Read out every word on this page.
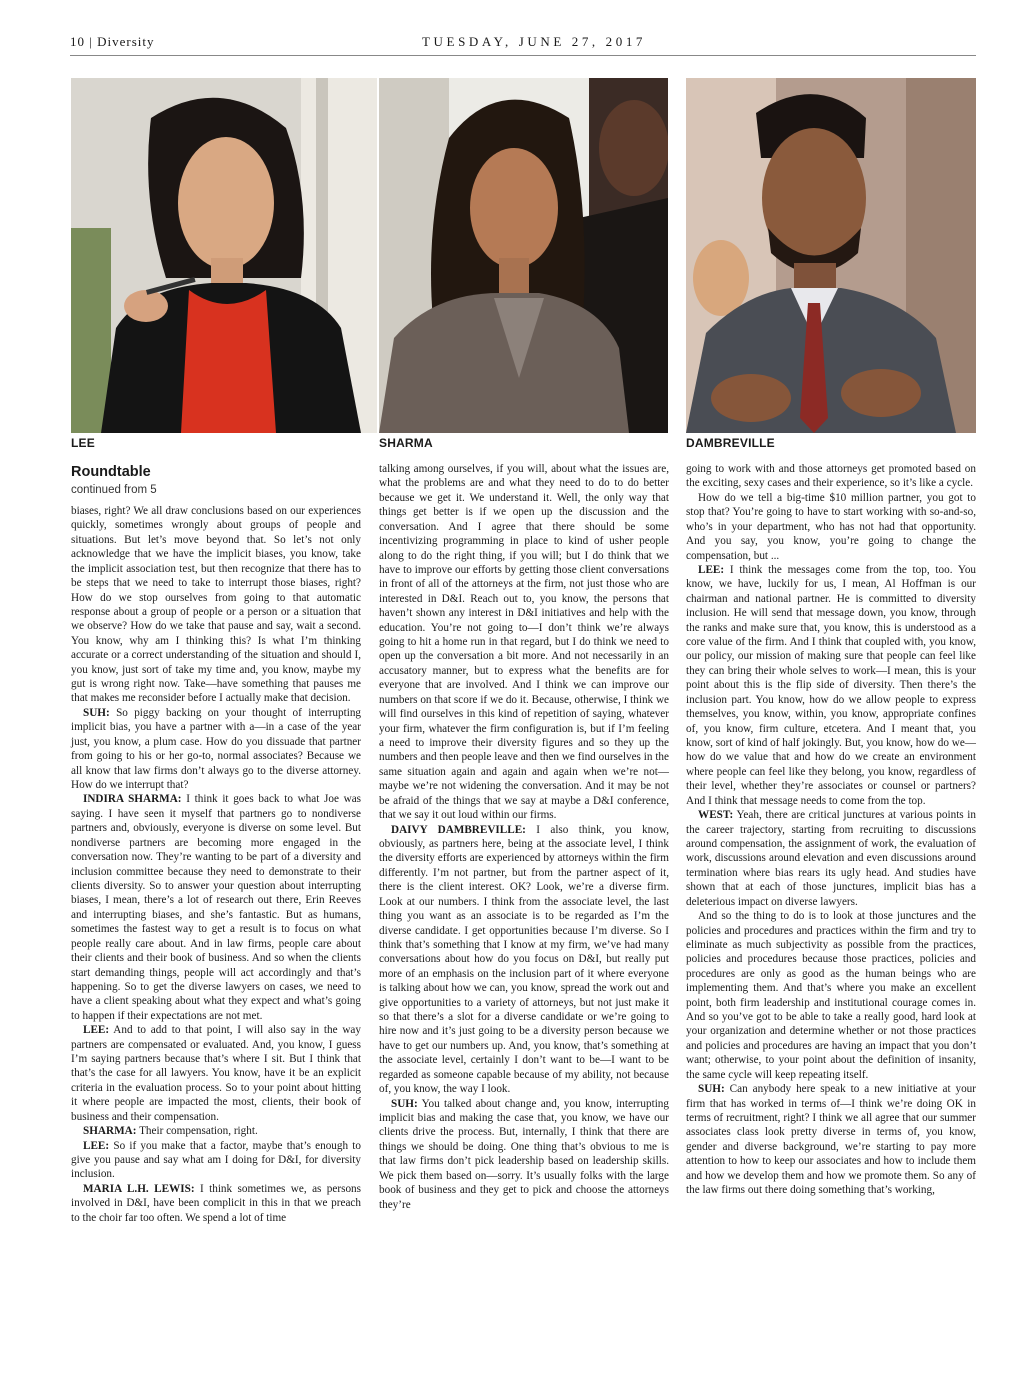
10 | Diversity	TUESDAY, JUNE 27, 2017
LEE	SHARMA	DAMBREVILLE
Roundtable
continued from 5

biases, right? We all draw conclusions based on our experiences quickly, sometimes wrongly about groups of people and situations. But let’s move beyond that. So let’s not only acknowledge that we have the implicit biases, you know, take the implicit association test, but then recognize that there has to be steps that we need to take to interrupt those biases, right? How do we stop ourselves from going to that automatic response about a group of people or a person or a situation that we observe? How do we take that pause and say, wait a second. You know, why am I thinking this? Is what I’m thinking accurate or a correct understanding of the situation and should I, you know, just sort of take my time and, you know, maybe my gut is wrong right now. Take—have something that pauses me that makes me reconsider before I actually make that decision.

SUH: So piggy backing on your thought of interrupting implicit bias, you have a partner with a—in a case of the year just, you know, a plum case. How do you dissuade that partner from going to his or her go-to, normal associates? Because we all know that law firms don’t always go to the diverse attorney. How do we interrupt that?

INDIRA SHARMA: I think it goes back to what Joe was saying. I have seen it myself that partners go to nondiverse partners and, obviously, everyone is diverse on some level. But nondiverse partners are becoming more engaged in the conversation now. They’re wanting to be part of a diversity and inclusion committee because they need to demonstrate to their clients diversity. So to answer your question about interrupting biases, I mean, there’s a lot of research out there, Erin Reeves and interrupting biases, and she’s fantastic. But as humans, sometimes the fastest way to get a result is to focus on what people really care about. And in law firms, people care about their clients and their book of business. And so when the clients start demanding things, people will act accordingly and that’s happening. So to get the diverse lawyers on cases, we need to have a client speaking about what they expect and what’s going to happen if their expectations are not met.

LEE: And to add to that point, I will also say in the way partners are compensated or evaluated. And, you know, I guess I’m saying partners because that’s where I sit. But I think that that’s the case for all lawyers. You know, have it be an explicit criteria in the evaluation process. So to your point about hitting it where people are impacted the most, clients, their book of business and their compensation.

SHARMA: Their compensation, right.

LEE: So if you make that a factor, maybe that’s enough to give you pause and say what am I doing for D&I, for diversity inclusion.

MARIA L.H. LEWIS: I think sometimes we, as persons involved in D&I, have been complicit in this in that we preach to the choir far too often. We spend a lot of time

talking among ourselves, if you will, about what the issues are, what the problems are and what they need to do to do better because we get it. We understand it. Well, the only way that things get better is if we open up the discussion and the conversation. And I agree that there should be some incentivizing programming in place to kind of usher people along to do the right thing, if you will; but I do think that we have to improve our efforts by getting those client conversations in front of all of the attorneys at the firm, not just those who are interested in D&I. Reach out to, you know, the persons that haven’t shown any interest in D&I initiatives and help with the education. You’re not going to—I don’t think we’re always going to hit a home run in that regard, but I do think we need to open up the conversation a bit more. And not necessarily in an accusatory manner, but to express what the benefits are for everyone that are involved. And I think we can improve our numbers on that score if we do it. Because, otherwise, I think we will find ourselves in this kind of repetition of saying, whatever your firm, whatever the firm configuration is, but if I’m feeling a need to improve their diversity figures and so they up the numbers and then people leave and then we find ourselves in the same situation again and again and again when we’re not—maybe we’re not widening the conversation. And it may be not be afraid of the things that we say at maybe a D&I conference, that we say it out loud within our firms.

DAIVY DAMBREVILLE: I also think, you know, obviously, as partners here, being at the associate level, I think the diversity efforts are experienced by attorneys within the firm differently. I’m not partner, but from the partner aspect of it, there is the client interest. OK? Look, we’re a diverse firm. Look at our numbers. I think from the associate level, the last thing you want as an associate is to be regarded as I’m the diverse candidate. I get opportunities because I’m diverse. So I think that’s something that I know at my firm, we’ve had many conversations about how do you focus on D&I, but really put more of an emphasis on the inclusion part of it where everyone is talking about how we can, you know, spread the work out and give opportunities to a variety of attorneys, but not just make it so that there’s a slot for a diverse candidate or we’re going to hire now and it’s just going to be a diversity person because we have to get our numbers up. And, you know, that’s something at the associate level, certainly I don’t want to be—I want to be regarded as someone capable because of my ability, not because of, you know, the way I look.

SUH: You talked about change and, you know, interrupting implicit bias and making the case that, you know, we have our clients drive the process. But, internally, I think that there are things we should be doing. One thing that’s obvious to me is that law firms don’t pick leadership based on leadership skills. We pick them based on—sorry. It’s usually folks with the large book of business and they get to pick and choose the attorneys they’re

going to work with and those attorneys get promoted based on the exciting, sexy cases and their experience, so it’s like a cycle.

How do we tell a big-time $10 million partner, you got to stop that? You’re going to have to start working with so-and-so, who’s in your department, who has not had that opportunity. And you say, you know, you’re going to change the compensation, but ...

LEE: I think the messages come from the top, too. You know, we have, luckily for us, I mean, Al Hoffman is our chairman and national partner. He is committed to diversity inclusion. He will send that message down, you know, through the ranks and make sure that, you know, this is understood as a core value of the firm. And I think that coupled with, you know, our policy, our mission of making sure that people can feel like they can bring their whole selves to work—I mean, this is your point about this is the flip side of diversity. Then there’s the inclusion part. You know, how do we allow people to express themselves, you know, within, you know, appropriate confines of, you know, firm culture, etcetera. And I meant that, you know, sort of kind of half jokingly. But, you know, how do we—how do we value that and how do we create an environment where people can feel like they belong, you know, regardless of their level, whether they’re associates or counsel or partners? And I think that message needs to come from the top.

WEST: Yeah, there are critical junctures at various points in the career trajectory, starting from recruiting to discussions around compensation, the assignment of work, the evaluation of work, discussions around elevation and even discussions around termination where bias rears its ugly head. And studies have shown that at each of those junctures, implicit bias has a deleterious impact on diverse lawyers.

And so the thing to do is to look at those junctures and the policies and procedures and practices within the firm and try to eliminate as much subjectivity as possible from the practices, policies and procedures because those practices, policies and procedures are only as good as the human beings who are implementing them. And that’s where you make an excellent point, both firm leadership and institutional courage comes in. And so you’ve got to be able to take a really good, hard look at your organization and determine whether or not those practices and policies and procedures are having an impact that you don’t want; otherwise, to your point about the definition of insanity, the same cycle will keep repeating itself.

SUH: Can anybody here speak to a new initiative at your firm that has worked in terms of—I think we’re doing OK in terms of recruitment, right? I think we all agree that our summer associates class look pretty diverse in terms of, you know, gender and diverse background, we’re starting to pay more attention to how to keep our associates and how to include them and how we develop them and how we promote them. So any of the law firms out there doing something that’s working,
